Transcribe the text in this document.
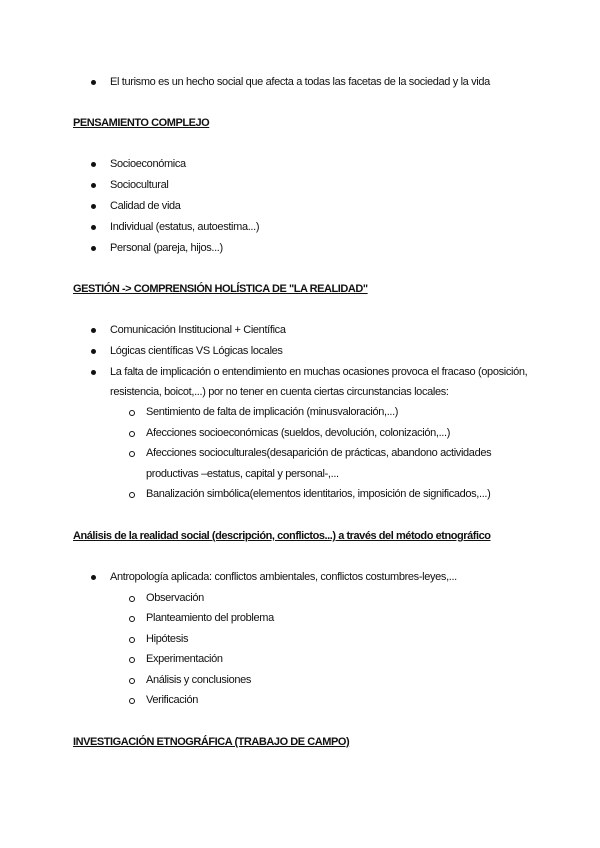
El turismo es un hecho social que afecta a todas las facetas de la sociedad y la vida
PENSAMIENTO COMPLEJO
Socioeconómica
Sociocultural
Calidad de vida
Individual (estatus, autoestima...)
Personal (pareja, hijos...)
GESTIÓN -> COMPRENSIÓN HOLÍSTICA DE "LA REALIDAD"
Comunicación Institucional + Científica
Lógicas científicas VS Lógicas locales
La falta de implicación o entendimiento en muchas ocasiones provoca el fracaso (oposición,
resistencia, boicot,...) por no tener en cuenta ciertas circunstancias locales:
Sentimiento de falta de implicación (minusvaloración,...)
Afecciones socioeconómicas (sueldos, devolución, colonización,...)
Afecciones socioculturales(desaparición de prácticas, abandono actividades
productivas –estatus, capital y personal-,...
Banalización simbólica(elementos identitarios, imposición de significados,...)
Análisis de la realidad social (descripción, conflictos...) a través del método etnográfico
Antropología aplicada: conflictos ambientales, conflictos costumbres-leyes,...
Observación
Planteamiento del problema
Hipótesis
Experimentación
Análisis y conclusiones
Verificación
INVESTIGACIÓN ETNOGRÁFICA (TRABAJO DE CAMPO)
